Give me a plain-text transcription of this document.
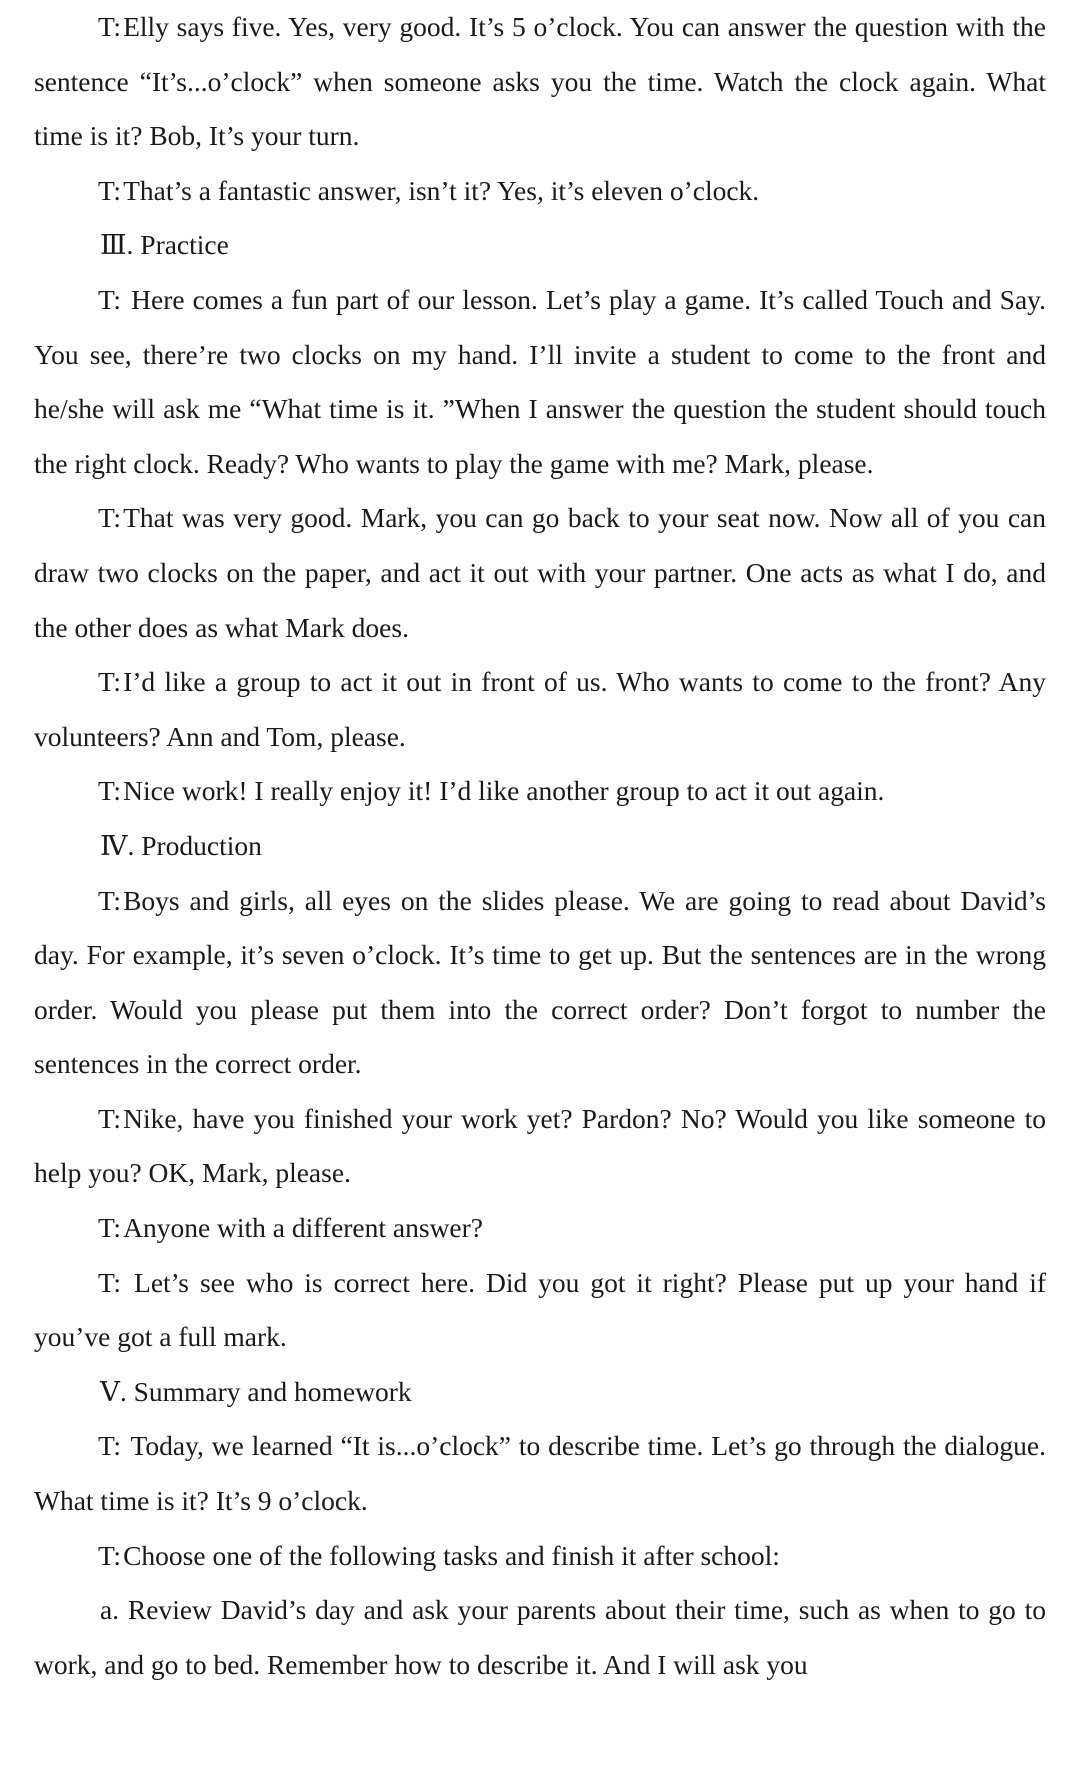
T:Elly says five. Yes, very good. It’s 5 o’clock. You can answer the question with the sentence “It’s...o’clock” when someone asks you the time. Watch the clock again. What time is it? Bob, It’s your turn.

T:That’s a fantastic answer, isn’t it? Yes, it’s eleven o’clock.

Ⅲ. Practice

T: Here comes a fun part of our lesson. Let’s play a game. It’s called Touch and Say. You see, there’re two clocks on my hand. I’ll invite a student to come to the front and he/she will ask me “What time is it. ”When I answer the question the student should touch the right clock. Ready? Who wants to play the game with me? Mark, please.

T:That was very good. Mark, you can go back to your seat now. Now all of you can draw two clocks on the paper, and act it out with your partner. One acts as what I do, and the other does as what Mark does.

T:I’d like a group to act it out in front of us. Who wants to come to the front? Any volunteers? Ann and Tom, please.

T:Nice work! I really enjoy it! I’d like another group to act it out again.

Ⅳ. Production

T:Boys and girls, all eyes on the slides please. We are going to read about David’s day. For example, it’s seven o’clock. It’s time to get up. But the sentences are in the wrong order. Would you please put them into the correct order? Don’t forgot to number the sentences in the correct order.

T:Nike, have you finished your work yet? Pardon? No? Would you like someone to help you? OK, Mark, please.

T:Anyone with a different answer?

T: Let’s see who is correct here. Did you got it right? Please put up your hand if you’ve got a full mark.

Ⅴ. Summary and homework

T: Today, we learned “It is...o’clock” to describe time. Let’s go through the dialogue. What time is it? It’s 9 o’clock.

T:Choose one of the following tasks and finish it after school:

a. Review David’s day and ask your parents about their time, such as when to go to work, and go to bed. Remember how to describe it. And I will ask you
